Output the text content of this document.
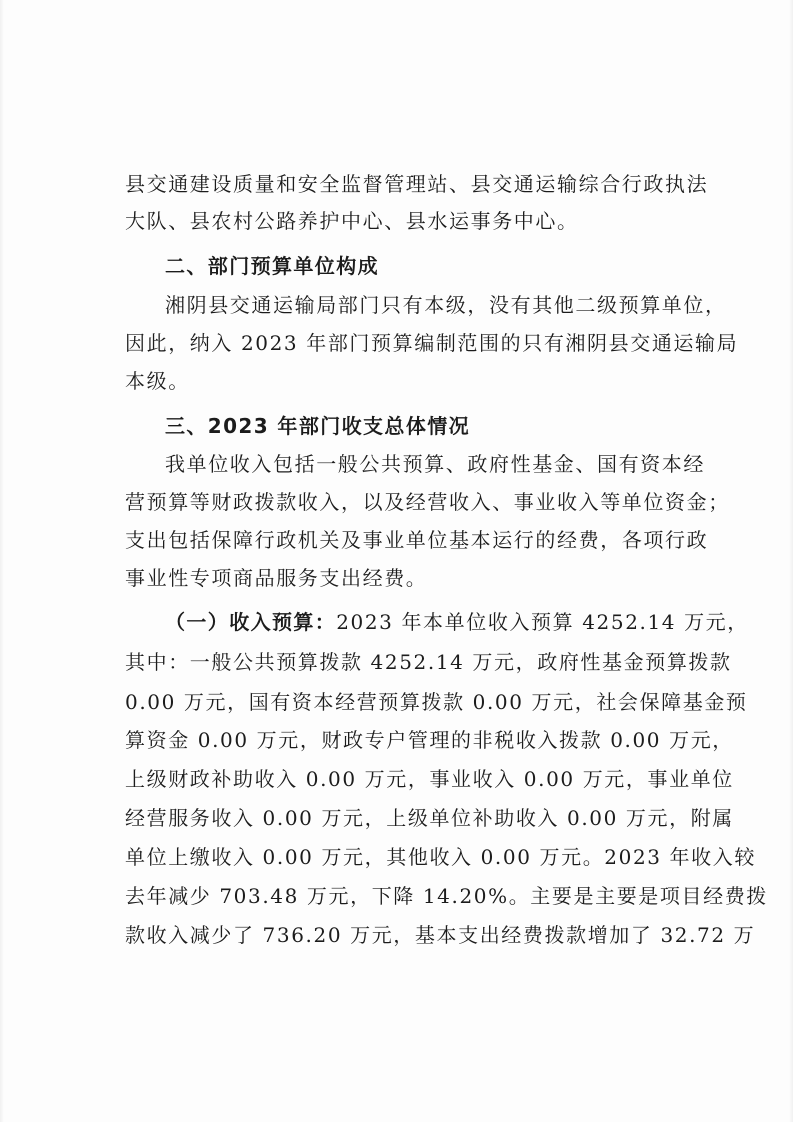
县交通建设质量和安全监督管理站、县交通运输综合行政执法
大队、县农村公路养护中心、县水运事务中心。
二、部门预算单位构成
湘阴县交通运输局部门只有本级，没有其他二级预算单位，
因此，纳入 2023 年部门预算编制范围的只有湘阴县交通运输局
本级。
三、2023 年部门收支总体情况
我单位收入包括一般公共预算、政府性基金、国有资本经
营预算等财政拨款收入，以及经营收入、事业收入等单位资金；
支出包括保障行政机关及事业单位基本运行的经费，各项行政
事业性专项商品服务支出经费。
（一）收入预算：2023 年本单位收入预算 4252.14 万元，
其中：一般公共预算拨款 4252.14 万元，政府性基金预算拨款
0.00 万元，国有资本经营预算拨款 0.00 万元，社会保障基金预
算资金 0.00 万元，财政专户管理的非税收入拨款 0.00 万元，
上级财政补助收入 0.00 万元，事业收入 0.00 万元，事业单位
经营服务收入 0.00 万元，上级单位补助收入 0.00 万元，附属
单位上缴收入 0.00 万元，其他收入 0.00 万元。2023 年收入较
去年减少 703.48 万元，下降 14.20%。主要是主要是项目经费拨
款收入减少了 736.20 万元，基本支出经费拨款增加了 32.72 万
